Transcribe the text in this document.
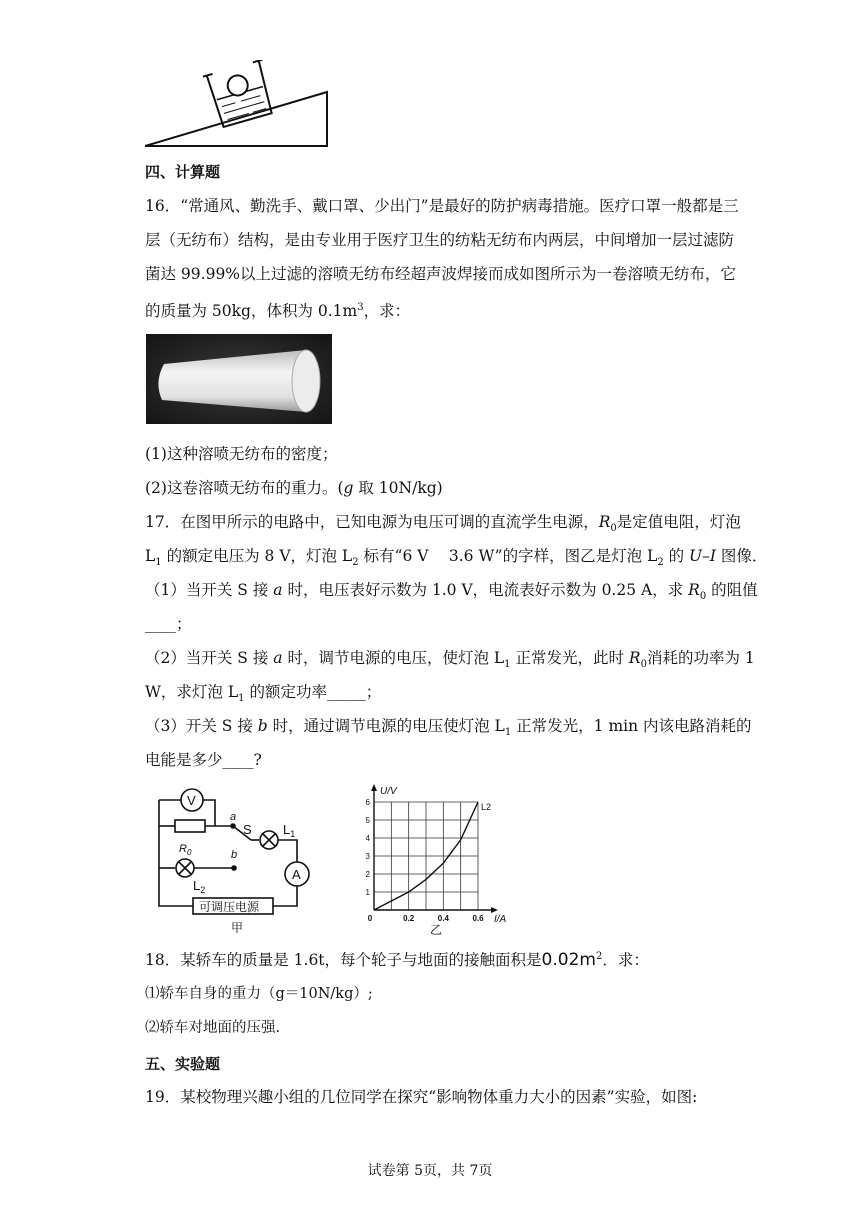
四、计算题
16．“常通风、勤洗手、戴口罩、少出门”是最好的防护病毒措施。医疗口罩一般都是三
层（无纺布）结构，是由专业用于医疗卫生的纺粘无纺布内两层，中间增加一层过滤防
菌达 99.99%以上过滤的溶喷无纺布经超声波焊接而成如图所示为一卷溶喷无纺布，它
的质量为 50kg，体积为 $0.1m^3$，求：
(1)这种溶喷无纺布的密度；
(2)这卷溶喷无纺布的重力。(g 取 10N/kg)
17．在图甲所示的电路中，已知电源为电压可调的直流学生电源，$R_0$是定值电阻，灯泡
$L_1$ 的额定电压为 8 V，灯泡 $L_2$ 标有“6 V　 3.6 W”的字样，图乙是灯泡 $L_2$ 的 U–I 图像．
（1）当开关 S 接 a 时，电压表好示数为 1.0 V，电流表好示数为 0.25 A，求 $R_0$ 的阻值
____；
（2）当开关 S 接 a 时，调节电源的电压，使灯泡 $L_1$ 正常发光，此时 $R_0$消耗的功率为 1
W，求灯泡 $L_1$ 的额定功率_____；
（3）开关 S 接 b 时，通过调节电源的电压使灯泡 $L_1$ 正常发光，1 min 内该电路消耗的
电能是多少____?
V
$R_0$
a
S $L_1$
A
b
$L_2$
可调压电源
甲
1
2
3
4
5
6
0.2	0.4	0.6
0
U/V
I/A
L2
乙
18．某轿车的质量是 1.6t，每个轮子与地面的接触面积是$0.02m^2$．求：
⑴轿车自身的重力（g＝10N/kg）;
⑵轿车对地面的压强.
五、实验题
19．某校物理兴趣小组的几位同学在探究“影响物体重力大小的因素”实验，如图:
试卷第 5页，共 7页
